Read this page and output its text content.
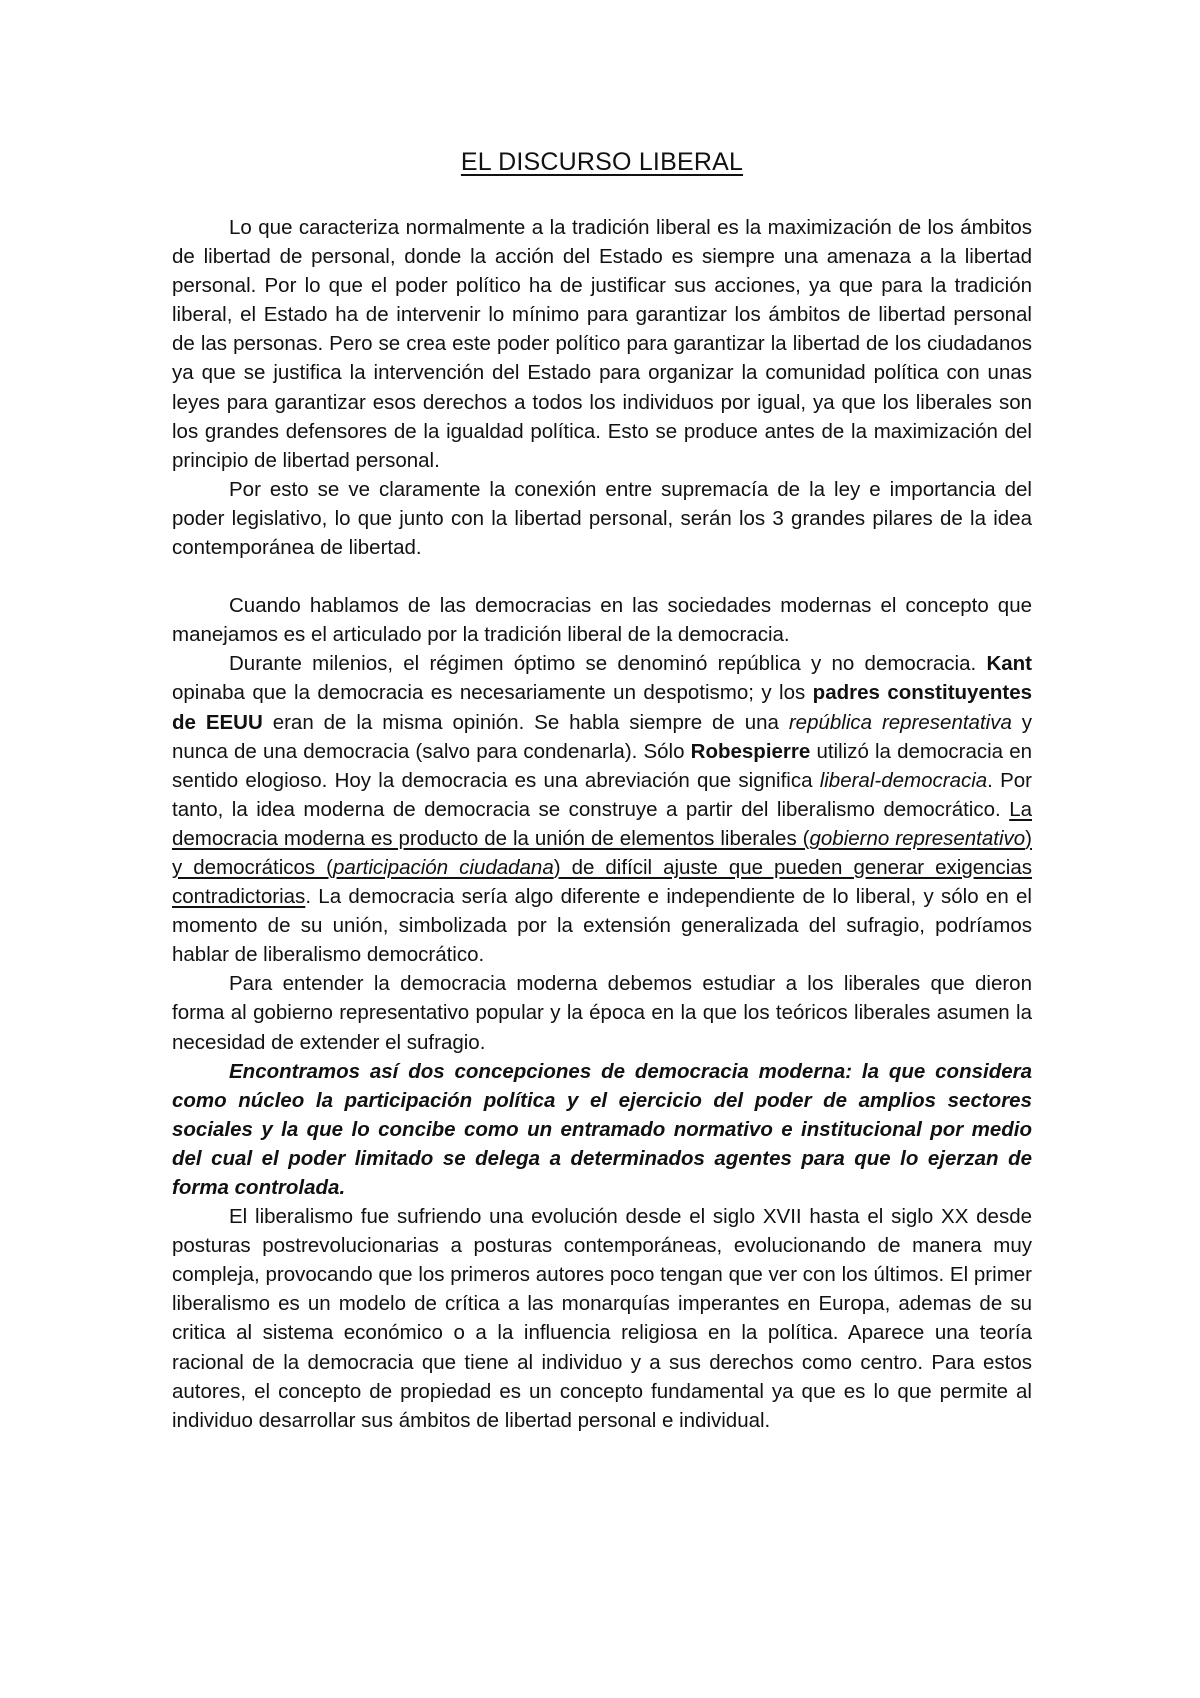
EL DISCURSO LIBERAL

Lo que caracteriza normalmente a la tradición liberal es la maximización de los ámbitos de libertad de personal, donde la acción del Estado es siempre una amenaza a la libertad personal. Por lo que el poder político ha de justificar sus acciones, ya que para la tradición liberal, el Estado ha de intervenir lo mínimo para garantizar los ámbitos de libertad personal de las personas. Pero se crea este poder político para garantizar la libertad de los ciudadanos ya que se justifica la intervención del Estado para organizar la comunidad política con unas leyes para garantizar esos derechos a todos los individuos por igual, ya que los liberales son los grandes defensores de la igualdad política. Esto se produce antes de la maximización del principio de libertad personal.

Por esto se ve claramente la conexión entre supremacía de la ley e importancia del poder legislativo, lo que junto con la libertad personal, serán los 3 grandes pilares de la idea contemporánea de libertad.

Cuando hablamos de las democracias en las sociedades modernas el concepto que manejamos es el articulado por la tradición liberal de la democracia.

Durante milenios, el régimen óptimo se denominó república y no democracia. Kant opinaba que la democracia es necesariamente un despotismo; y los padres constituyentes de EEUU eran de la misma opinión. Se habla siempre de una república representativa y nunca de una democracia (salvo para condenarla). Sólo Robespierre utilizó la democracia en sentido elogioso. Hoy la democracia es una abreviación que significa liberal-democracia. Por tanto, la idea moderna de democracia se construye a partir del liberalismo democrático. La democracia moderna es producto de la unión de elementos liberales (gobierno representativo) y democráticos (participación ciudadana) de difícil ajuste que pueden generar exigencias contradictorias. La democracia sería algo diferente e independiente de lo liberal, y sólo en el momento de su unión, simbolizada por la extensión generalizada del sufragio, podríamos hablar de liberalismo democrático.

Para entender la democracia moderna debemos estudiar a los liberales que dieron forma al gobierno representativo popular y la época en la que los teóricos liberales asumen la necesidad de extender el sufragio.

Encontramos así dos concepciones de democracia moderna: la que considera como núcleo la participación política y el ejercicio del poder de amplios sectores sociales y la que lo concibe como un entramado normativo e institucional por medio del cual el poder limitado se delega a determinados agentes para que lo ejerzan de forma controlada.

El liberalismo fue sufriendo una evolución desde el siglo XVII hasta el siglo XX desde posturas postrevolucionarias a posturas contemporáneas, evolucionando de manera muy compleja, provocando que los primeros autores poco tengan que ver con los últimos. El primer liberalismo es un modelo de crítica a las monarquías imperantes en Europa, ademas de su critica al sistema económico o a la influencia religiosa en la política. Aparece una teoría racional de la democracia que tiene al individuo y a sus derechos como centro. Para estos autores, el concepto de propiedad es un concepto fundamental ya que es lo que permite al individuo desarrollar sus ámbitos de libertad personal e individual.
